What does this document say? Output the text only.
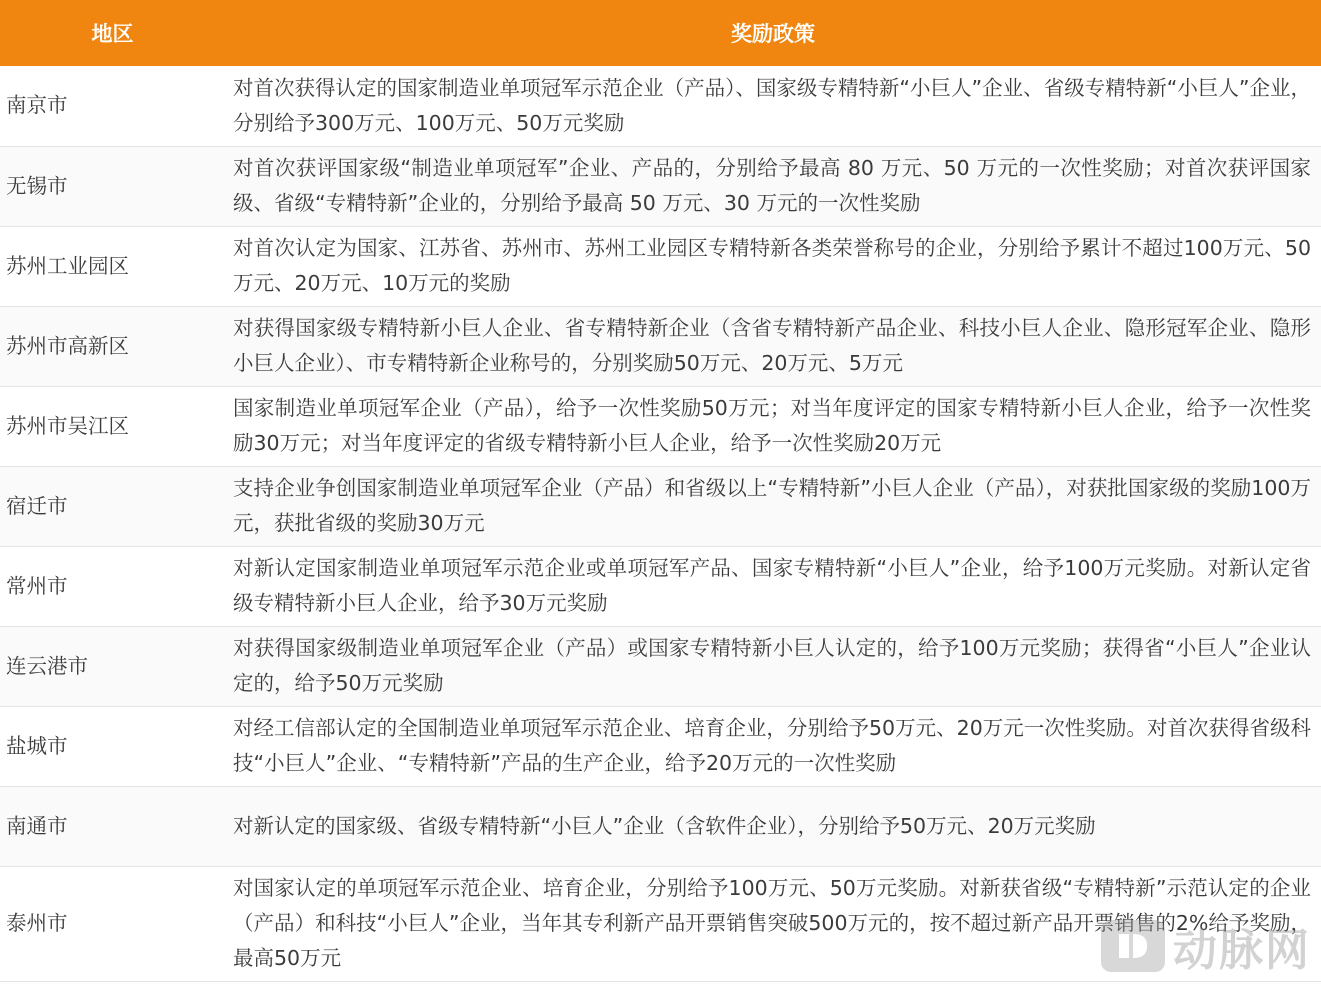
地区	奖励政策
南京市	对首次获得认定的国家制造业单项冠军示范企业（产品）、国家级专精特新“小巨人”企业、省级专精特新“小巨人”企业，分别给予300万元、100万元、50万元奖励
无锡市	对首次获评国家级“制造业单项冠军”企业、产品的，分别给予最高 80 万元、50 万元的一次性奖励；对首次获评国家级、省级“专精特新”企业的，分别给予最高 50 万元、30 万元的一次性奖励
苏州工业园区	对首次认定为国家、江苏省、苏州市、苏州工业园区专精特新各类荣誉称号的企业，分别给予累计不超过100万元、50万元、20万元、10万元的奖励
苏州市高新区	对获得国家级专精特新小巨人企业、省专精特新企业（含省专精特新产品企业、科技小巨人企业、隐形冠军企业、隐形小巨人企业）、市专精特新企业称号的，分别奖励50万元、20万元、5万元
苏州市吴江区	国家制造业单项冠军企业（产品），给予一次性奖励50万元；对当年度评定的国家专精特新小巨人企业，给予一次性奖励30万元；对当年度评定的省级专精特新小巨人企业，给予一次性奖励20万元
宿迁市	支持企业争创国家制造业单项冠军企业（产品）和省级以上“专精特新”小巨人企业（产品），对获批国家级的奖励100万元，获批省级的奖励30万元
常州市	对新认定国家制造业单项冠军示范企业或单项冠军产品、国家专精特新“小巨人”企业，给予100万元奖励。对新认定省级专精特新小巨人企业，给予30万元奖励
连云港市	对获得国家级制造业单项冠军企业（产品）或国家专精特新小巨人认定的，给予100万元奖励；获得省“小巨人”企业认定的，给予50万元奖励
盐城市	对经工信部认定的全国制造业单项冠军示范企业、培育企业，分别给予50万元、20万元一次性奖励。对首次获得省级科技“小巨人”企业、“专精特新”产品的生产企业，给予20万元的一次性奖励
南通市	对新认定的国家级、省级专精特新“小巨人”企业（含软件企业），分别给予50万元、20万元奖励
泰州市	对国家认定的单项冠军示范企业、培育企业，分别给予100万元、50万元奖励。对新获省级“专精特新”示范认定的企业（产品）和科技“小巨人”企业，当年其专利新产品开票销售突破500万元的，按不超过新产品开票销售的2%给予奖励，最高50万元	动脉网
